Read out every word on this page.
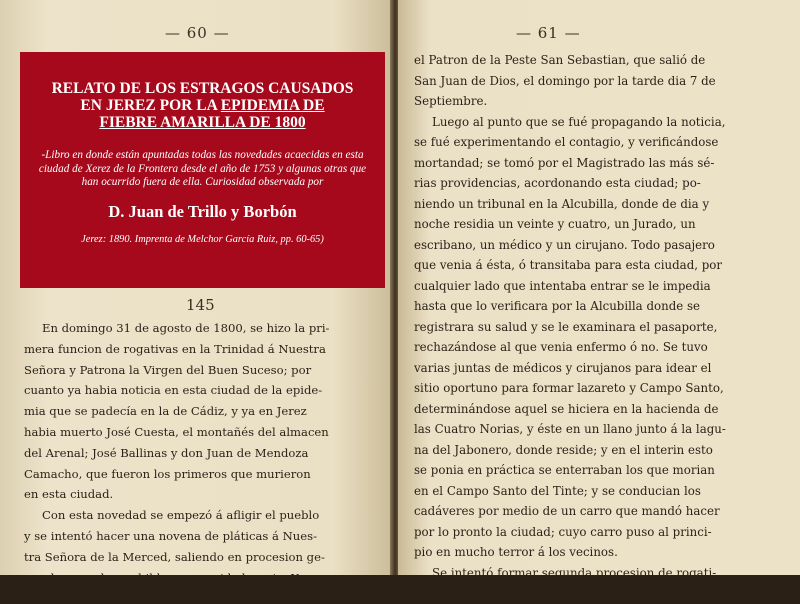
— 60 —
145
En domingo 31 de agosto de 1800, se hizo la pri-
mera funcion de rogativas en la Trinidad á Nuestra
Señora y Patrona la Virgen del Buen Suceso; por
cuanto ya habia noticia en esta ciudad de la epide-
mia que se padecía en la de Cádiz, y ya en Jerez
habia muerto José Cuesta, el montañés del almacen
del Arenal; José Ballinas y don Juan de Mendoza
Camacho, que fueron los primeros que murieron
en esta ciudad.
Con esta novedad se empezó á afligir el pueblo
y se intentó hacer una novena de pláticas á Nues-
tra Señora de la Merced, saliendo en procesion ge-
neral con ambos cabildos, comunidades, etc. Y con
RELATO DE LOS ESTRAGOS CAUSADOS
EN JEREZ POR LA EPIDEMIA DE
FIEBRE AMARILLA DE 1800
-Libro en donde están apuntadas todas las novedades acaecidas en esta ciudad de Xerez de la Frontera desde el año de 1753 y algunas otras que han ocurrido fuera de ella. Curiosidad observada por
D. Juan de Trillo y Borbón
Jerez: 1890. Imprenta de Melchor García Ruiz, pp. 60-65)
— 61 —
el Patron de la Peste San Sebastian, que salió de
San Juan de Dios, el domingo por la tarde dia 7 de
Septiembre.
Luego al punto que se fué propagando la noticia,
se fué experimentando el contagio, y verificándose
mortandad; se tomó por el Magistrado las más sé-
rias providencias, acordonando esta ciudad; po-
niendo un tribunal en la Alcubilla, donde de dia y
noche residia un veinte y cuatro, un Jurado, un
escribano, un médico y un cirujano. Todo pasajero
que venia á ésta, ó transitaba para esta ciudad, por
cualquier lado que intentaba entrar se le impedia
hasta que lo verificara por la Alcubilla donde se
registrara su salud y se le examinara el pasaporte,
rechazándose al que venia enfermo ó no. Se tuvo
varias juntas de médicos y cirujanos para idear el
sitio oportuno para formar lazareto y Campo Santo,
determinándose aquel se hiciera en la hacienda de
las Cuatro Norias, y éste en un llano junto á la lagu-
na del Jabonero, donde reside; y en el interin esto
se ponia en práctica se enterraban los que morian
en el Campo Santo del Tinte; y se conducian los
cadáveres por medio de un carro que mandó hacer
por lo pronto la ciudad; cuyo carro puso al princi-
pio en mucho terror á los vecinos.
Se intentó formar segunda procesion de rogati-
va, sacando en procesion general de ambos Cabil-
